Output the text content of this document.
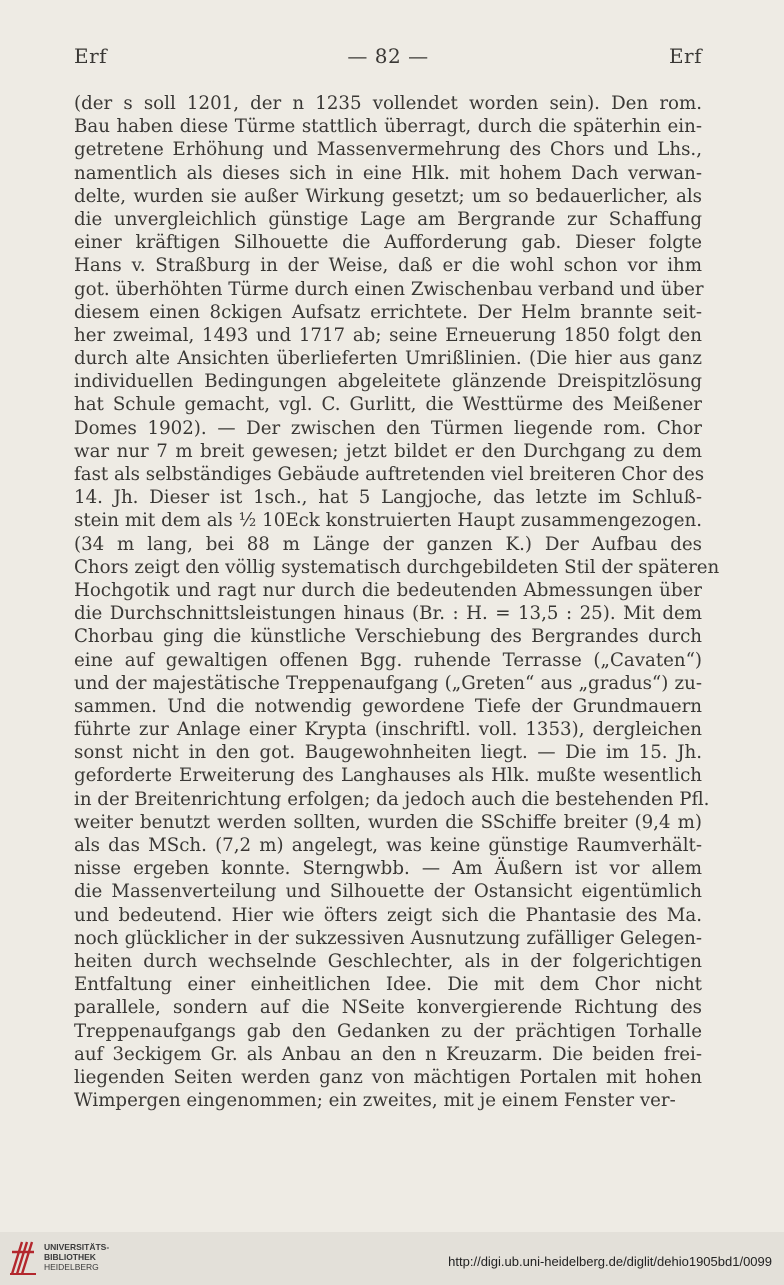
Erf	— 82 —	Erf
(der s soll 1201, der n 1235 vollendet worden sein). Den rom.
Bau haben diese Türme stattlich überragt, durch die späterhin ein-
getretene Erhöhung und Massenvermehrung des Chors und Lhs.,
namentlich als dieses sich in eine Hlk. mit hohem Dach verwan-
delte, wurden sie außer Wirkung gesetzt; um so bedauerlicher, als
die unvergleichlich günstige Lage am Bergrande zur Schaffung
einer kräftigen Silhouette die Aufforderung gab. Dieser folgte
Hans v. Straßburg in der Weise, daß er die wohl schon vor ihm
got. überhöhten Türme durch einen Zwischenbau verband und über
diesem einen 8ckigen Aufsatz errichtete. Der Helm brannte seit-
her zweimal, 1493 und 1717 ab; seine Erneuerung 1850 folgt den
durch alte Ansichten überlieferten Umrißlinien. (Die hier aus ganz
individuellen Bedingungen abgeleitete glänzende Dreispitzlösung
hat Schule gemacht, vgl. C. Gurlitt, die Westtürme des Meißener
Domes 1902). — Der zwischen den Türmen liegende rom. Chor
war nur 7 m breit gewesen; jetzt bildet er den Durchgang zu dem
fast als selbständiges Gebäude auftretenden viel breiteren Chor des
14. Jh. Dieser ist 1sch., hat 5 Langjoche, das letzte im Schluß-
stein mit dem als ½ 10Eck konstruierten Haupt zusammengezogen.
(34 m lang, bei 88 m Länge der ganzen K.) Der Aufbau des
Chors zeigt den völlig systematisch durchgebildeten Stil der späteren
Hochgotik und ragt nur durch die bedeutenden Abmessungen über
die Durchschnittsleistungen hinaus (Br. : H. = 13,5 : 25). Mit dem
Chorbau ging die künstliche Verschiebung des Bergrandes durch
eine auf gewaltigen offenen Bgg. ruhende Terrasse („Cavaten“)
und der majestätische Treppenaufgang („Greten“ aus „gradus“) zu-
sammen. Und die notwendig gewordene Tiefe der Grundmauern
führte zur Anlage einer Krypta (inschriftl. voll. 1353), dergleichen
sonst nicht in den got. Baugewohnheiten liegt. — Die im 15. Jh.
geforderte Erweiterung des Langhauses als Hlk. mußte wesentlich
in der Breitenrichtung erfolgen; da jedoch auch die bestehenden Pfl.
weiter benutzt werden sollten, wurden die SSchiffe breiter (9,4 m)
als das MSch. (7,2 m) angelegt, was keine günstige Raumverhält-
nisse ergeben konnte. Sterngwbb. — Am Äußern ist vor allem
die Massenverteilung und Silhouette der Ostansicht eigentümlich
und bedeutend. Hier wie öfters zeigt sich die Phantasie des Ma.
noch glücklicher in der sukzessiven Ausnutzung zufälliger Gelegen-
heiten durch wechselnde Geschlechter, als in der folgerichtigen
Entfaltung einer einheitlichen Idee. Die mit dem Chor nicht
parallele, sondern auf die NSeite konvergierende Richtung des
Treppenaufgangs gab den Gedanken zu der prächtigen Torhalle
auf 3eckigem Gr. als Anbau an den n Kreuzarm. Die beiden frei-
liegenden Seiten werden ganz von mächtigen Portalen mit hohen
Wimpergen eingenommen; ein zweites, mit je einem Fenster ver-
UNIVERSITÄTS-
BIBLIOTHEK
HEIDELBERG	http://digi.ub.uni-heidelberg.de/diglit/dehio1905bd1/0099
